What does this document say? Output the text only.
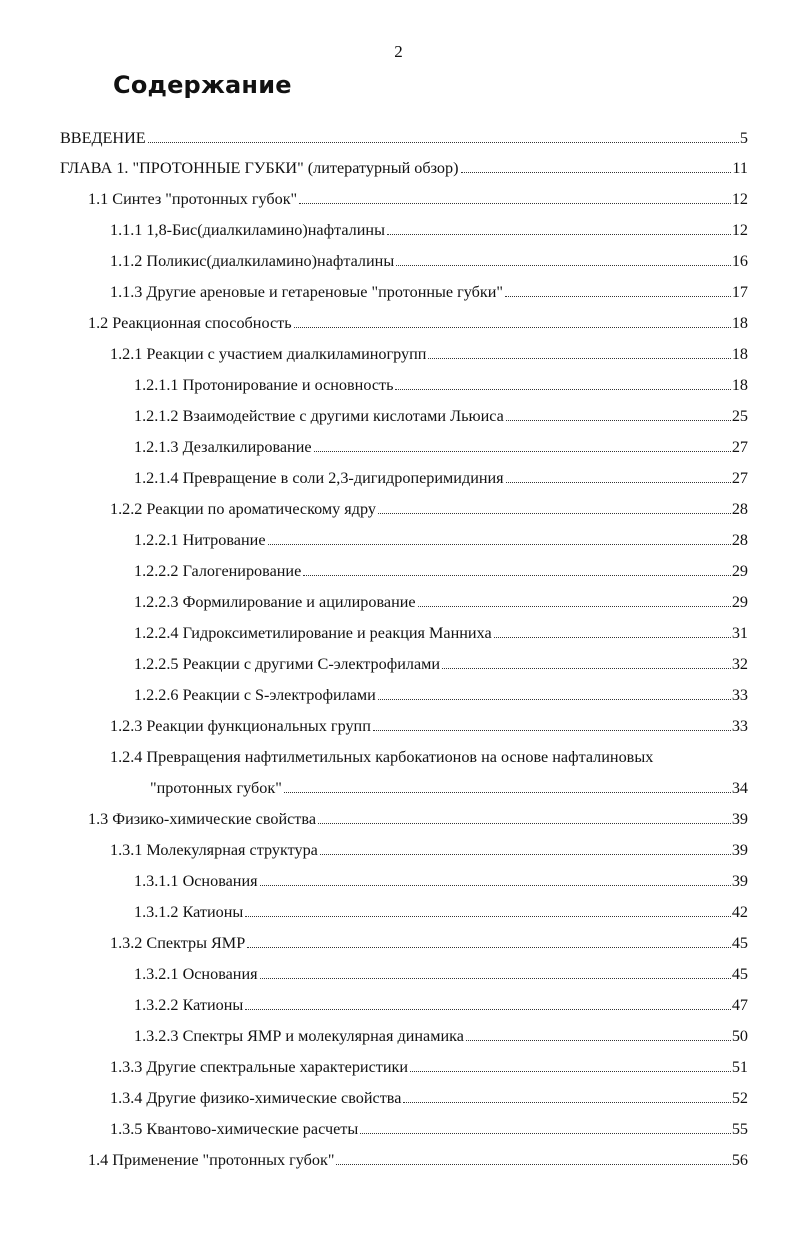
2
Содержание
ВВЕДЕНИЕ	5
ГЛАВА 1. "ПРОТОННЫЕ ГУБКИ" (литературный обзор)	11
1.1 Синтез "протонных губок"	12
1.1.1 1,8-Бис(диалкиламино)нафталины	12
1.1.2 Поликис(диалкиламино)нафталины	16
1.1.3 Другие ареновые и гетареновые "протонные губки"	17
1.2 Реакционная способность	18
1.2.1 Реакции с участием диалкиламиногрупп	18
1.2.1.1 Протонирование и основность	18
1.2.1.2 Взаимодействие с другими кислотами Льюиса	25
1.2.1.3 Дезалкилирование	27
1.2.1.4 Превращение в соли 2,3-дигидроперимидиния	27
1.2.2 Реакции по ароматическому ядру	28
1.2.2.1 Нитрование	28
1.2.2.2 Галогенирование	29
1.2.2.3 Формилирование и ацилирование	29
1.2.2.4 Гидроксиметилирование и реакция Манниха	31
1.2.2.5 Реакции с другими С-электрофилами	32
1.2.2.6 Реакции с S-электрофилами	33
1.2.3 Реакции функциональных групп	33
1.2.4 Превращения нафтилметильных карбокатионов на основе нафталиновых
"протонных губок"	34
1.3 Физико-химические свойства	39
1.3.1 Молекулярная структура	39
1.3.1.1 Основания	39
1.3.1.2 Катионы	42
1.3.2 Спектры ЯМР	45
1.3.2.1 Основания	45
1.3.2.2 Катионы	47
1.3.2.3 Спектры ЯМР и молекулярная динамика	50
1.3.3 Другие спектральные характеристики	51
1.3.4 Другие физико-химические свойства	52
1.3.5 Квантово-химические расчеты	55
1.4 Применение "протонных губок"	56
